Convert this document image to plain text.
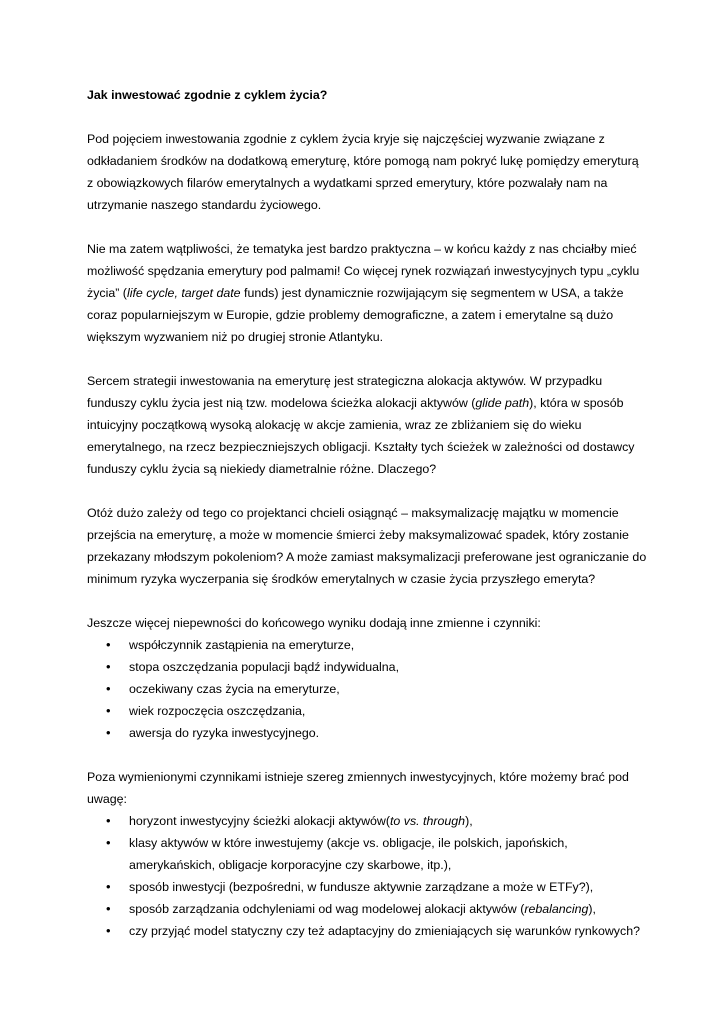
Jak inwestować zgodnie z cyklem życia?
Pod pojęciem inwestowania zgodnie z cyklem życia kryje się najczęściej wyzwanie związane z odkładaniem środków na dodatkową emeryturę, które pomogą nam pokryć lukę pomiędzy emeryturą z obowiązkowych filarów emerytalnych a wydatkami sprzed emerytury, które pozwalały nam na utrzymanie naszego standardu życiowego.
Nie ma zatem wątpliwości, że tematyka jest bardzo praktyczna – w końcu każdy z nas chciałby mieć możliwość spędzania emerytury pod palmami! Co więcej rynek rozwiązań inwestycyjnych typu „cyklu życia” (life cycle, target date funds) jest dynamicznie rozwijającym się segmentem w USA, a także coraz popularniejszym w Europie, gdzie problemy demograficzne, a zatem i emerytalne są dużo większym wyzwaniem niż po drugiej stronie Atlantyku.
Sercem strategii inwestowania na emeryturę jest strategiczna alokacja aktywów. W przypadku funduszy cyklu życia jest nią tzw. modelowa ścieżka alokacji aktywów (glide path), która w sposób intuicyjny początkową wysoką alokację w akcje zamienia, wraz ze zbliżaniem się do wieku emerytalnego, na rzecz bezpieczniejszych obligacji. Kształty tych ścieżek w zależności od dostawcy funduszy cyklu życia są niekiedy diametralnie różne. Dlaczego?
Otóż dużo zależy od tego co projektanci chcieli osiągnąć – maksymalizację majątku w momencie przejścia na emeryturę, a może w momencie śmierci żeby maksymalizować spadek, który zostanie przekazany młodszym pokoleniom? A może zamiast maksymalizacji preferowane jest ograniczanie do minimum ryzyka wyczerpania się środków emerytalnych w czasie życia przyszłego emeryta?
Jeszcze więcej niepewności do końcowego wyniku dodają inne zmienne i czynniki:
• współczynnik zastąpienia na emeryturze,
• stopa oszczędzania populacji bądź indywidualna,
• oczekiwany czas życia na emeryturze,
• wiek rozpoczęcia oszczędzania,
• awersja do ryzyka inwestycyjnego.
Poza wymienionymi czynnikami istnieje szereg zmiennych inwestycyjnych, które możemy brać pod uwagę:
• horyzont inwestycyjny ścieżki alokacji aktywów(to vs. through),
• klasy aktywów w które inwestujemy (akcje vs. obligacje, ile polskich, japońskich, amerykańskich, obligacje korporacyjne czy skarbowe, itp.),
• sposób inwestycji (bezpośredni, w fundusze aktywnie zarządzane a może w ETFy?),
• sposób zarządzania odchyleniami od wag modelowej alokacji aktywów (rebalancing),
• czy przyjąć model statyczny czy też adaptacyjny do zmieniających się warunków rynkowych?
